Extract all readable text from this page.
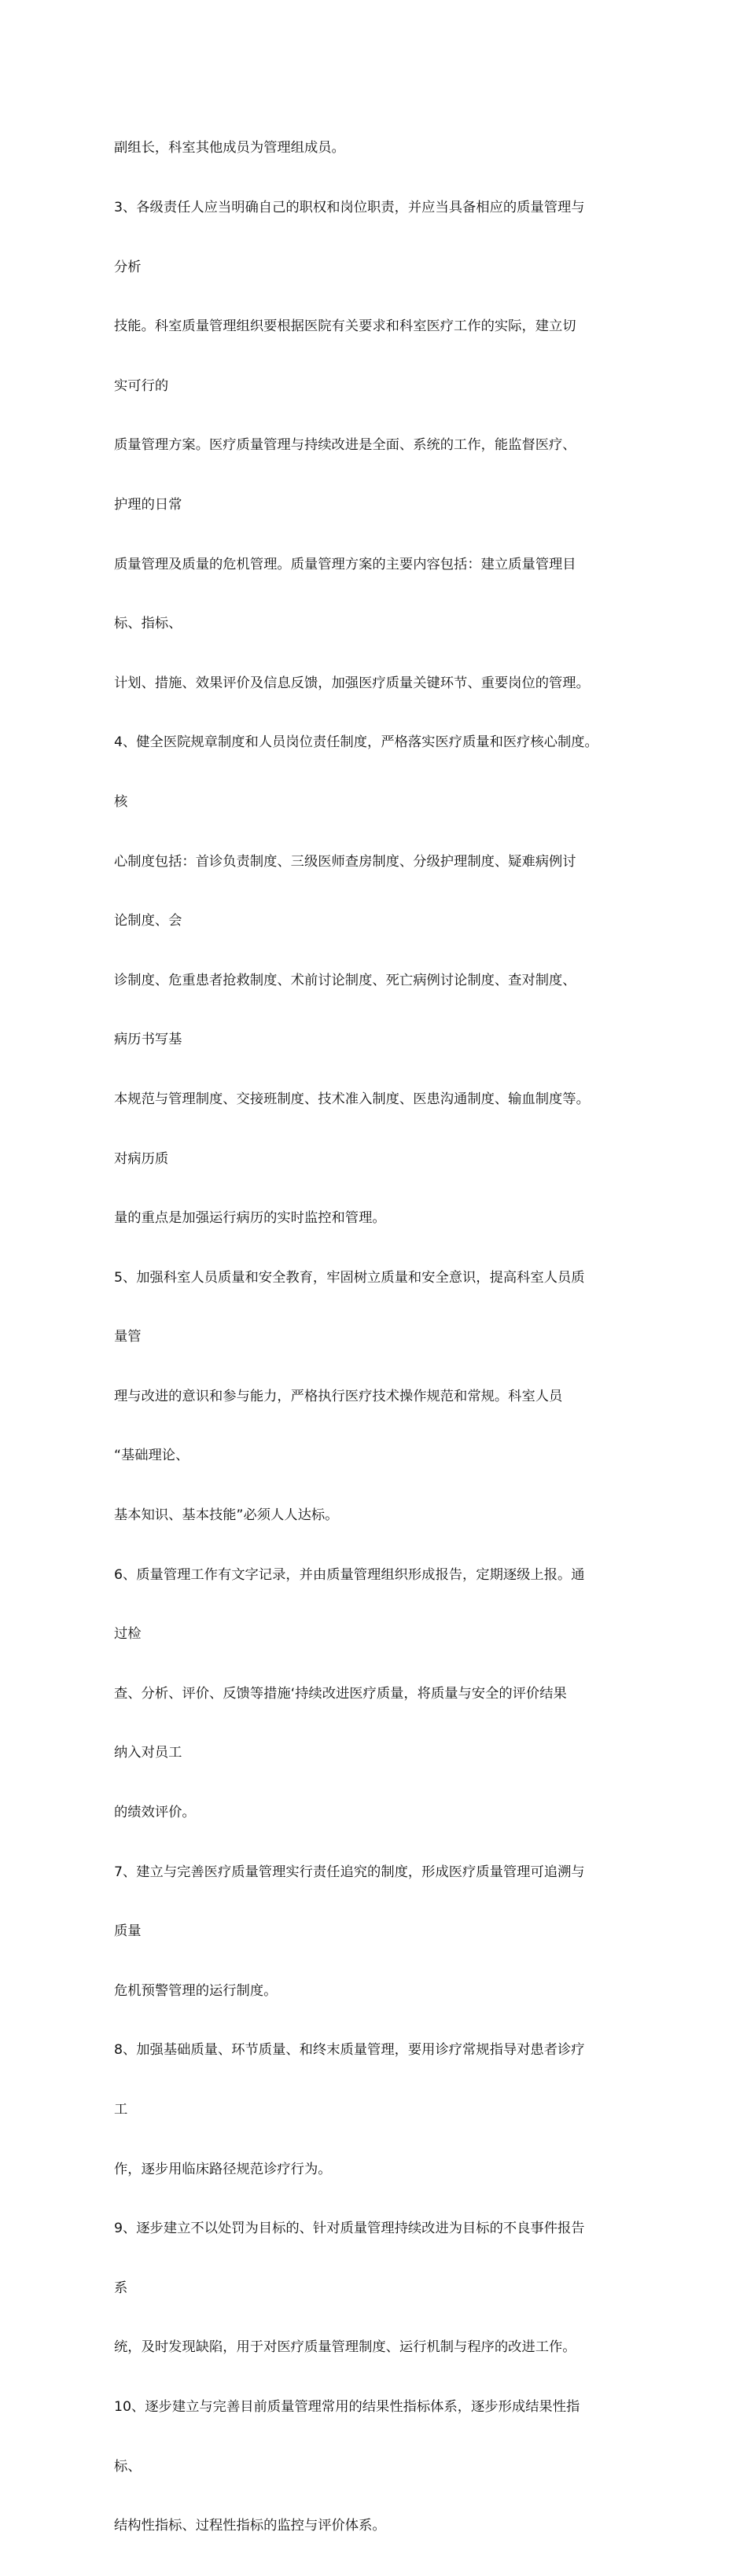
副组长，科室其他成员为管理组成员。

3、各级责任人应当明确自己的职权和岗位职责，并应当具备相应的质量管理与

分析

技能。科室质量管理组织要根据医院有关要求和科室医疗工作的实际，建立切

实可行的

质量管理方案。医疗质量管理与持续改进是全面、系统的工作，能监督医疗、

护理的日常

质量管理及质量的危机管理。质量管理方案的主要内容包括：建立质量管理目

标、指标、

计划、措施、效果评价及信息反馈，加强医疗质量关键环节、重要岗位的管理。

4、健全医院规章制度和人员岗位责任制度，严格落实医疗质量和医疗核心制度。

核

心制度包括：首诊负责制度、三级医师查房制度、分级护理制度、疑难病例讨

论制度、会

诊制度、危重患者抢救制度、术前讨论制度、死亡病例讨论制度、查对制度、

病历书写基

本规范与管理制度、交接班制度、技术准入制度、医患沟通制度、输血制度等。

对病历质

量的重点是加强运行病历的实时监控和管理。

5、加强科室人员质量和安全教育，牢固树立质量和安全意识，提高科室人员质

量管

理与改进的意识和参与能力，严格执行医疗技术操作规范和常规。科室人员

“基础理论、

基本知识、基本技能”必须人人达标。

6、质量管理工作有文字记录，并由质量管理组织形成报告，定期逐级上报。通

过检

查、分析、评价、反馈等措施‘持续改进医疗质量，将质量与安全的评价结果

纳入对员工

的绩效评价。

7、建立与完善医疗质量管理实行责任追究的制度，形成医疗质量管理可追溯与

质量

危机预警管理的运行制度。

8、加强基础质量、环节质量、和终末质量管理，要用诊疗常规指导对患者诊疗

工

作，逐步用临床路径规范诊疗行为。

9、逐步建立不以处罚为目标的、针对质量管理持续改进为目标的不良事件报告

系

统，及时发现缺陷，用于对医疗质量管理制度、运行机制与程序的改进工作。

10、逐步建立与完善目前质量管理常用的结果性指标体系，逐步形成结果性指

标、

结构性指标、过程性指标的监控与评价体系。
